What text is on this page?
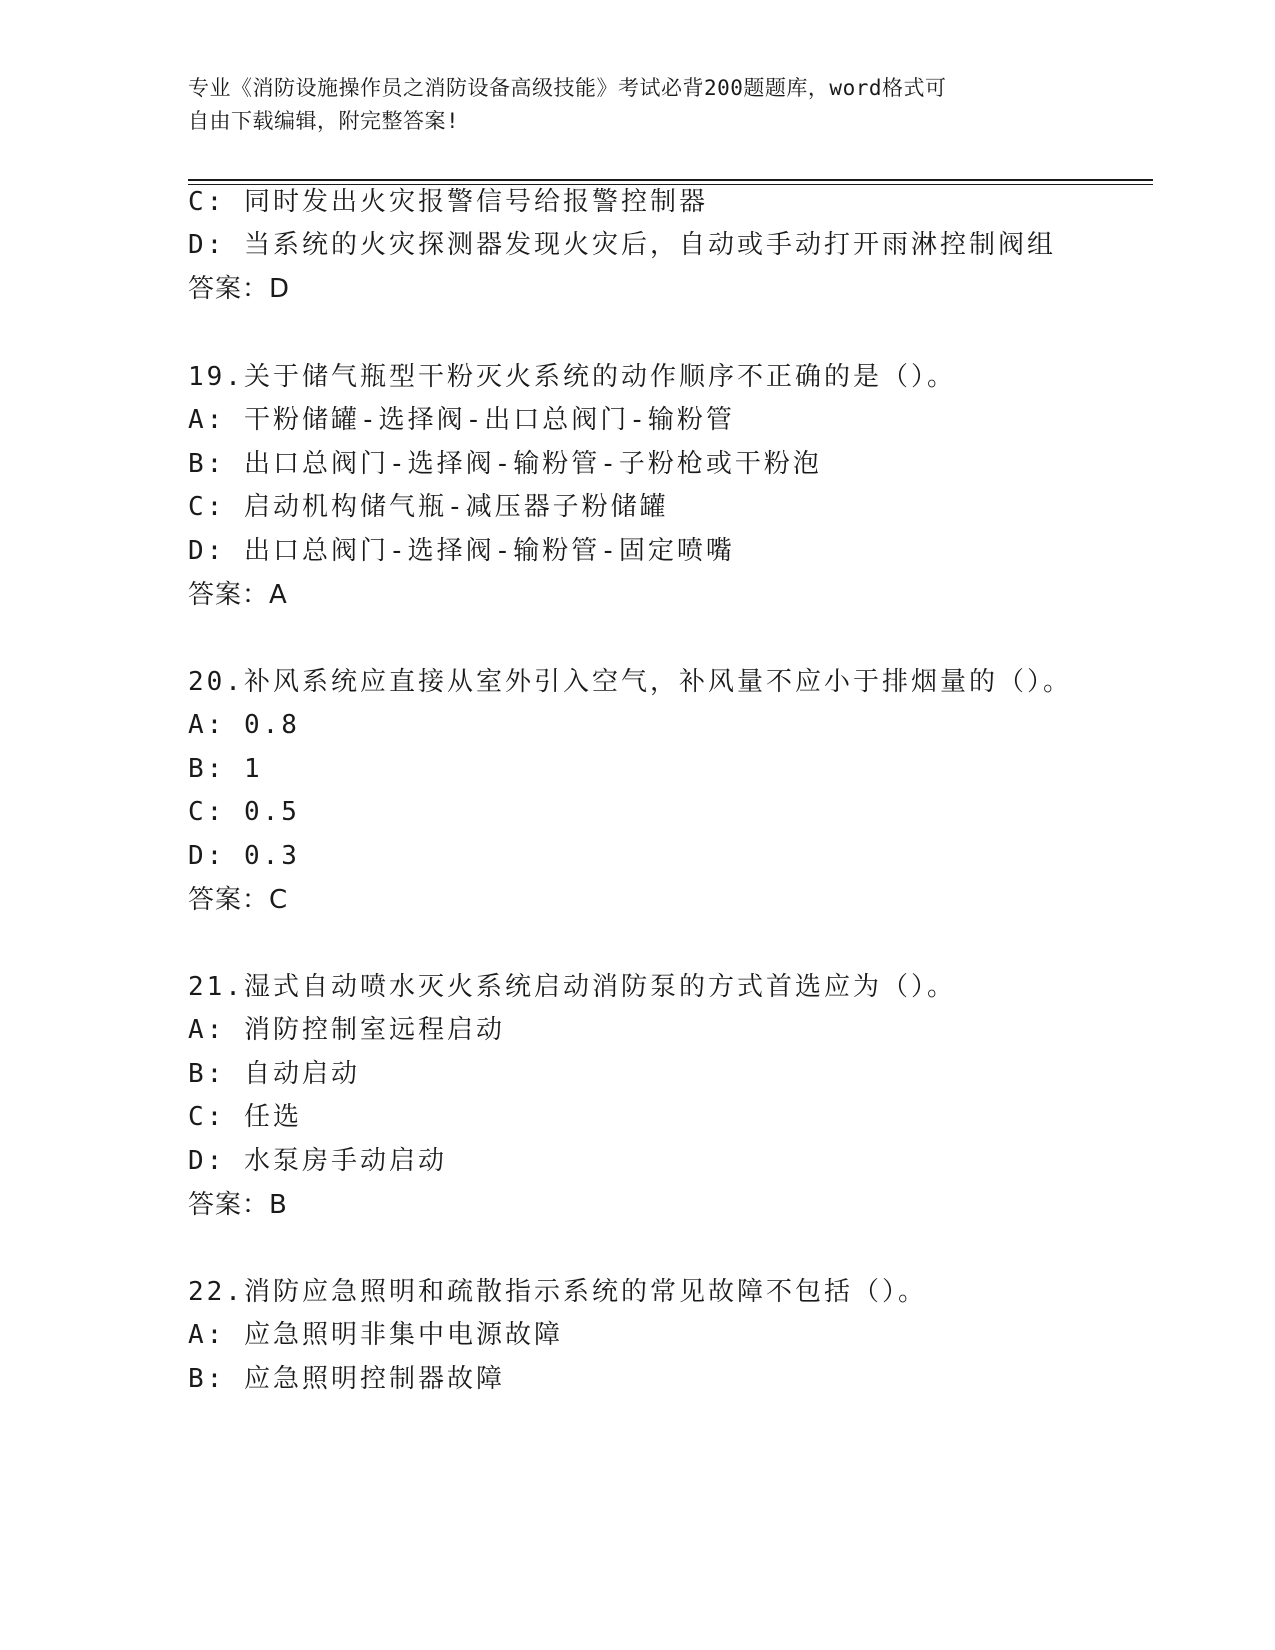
专业《消防设施操作员之消防设备高级技能》考试必背200题题库，word格式可
自由下载编辑，附完整答案!
C: 同时发出火灾报警信号给报警控制器
D: 当系统的火灾探测器发现火灾后，自动或手动打开雨淋控制阀组
答案：D
19.关于储气瓶型干粉灭火系统的动作顺序不正确的是（）。
A: 干粉储罐-选择阀-出口总阀门-输粉管
B: 出口总阀门-选择阀-输粉管-子粉枪或干粉泡
C: 启动机构储气瓶-减压器子粉储罐
D: 出口总阀门-选择阀-输粉管-固定喷嘴
答案：A
20.补风系统应直接从室外引入空气，补风量不应小于排烟量的（）。
A: 0.8
B: 1
C: 0.5
D: 0.3
答案：C
21.湿式自动喷水灭火系统启动消防泵的方式首选应为（）。
A: 消防控制室远程启动
B: 自动启动
C: 任选
D: 水泵房手动启动
答案：B
22.消防应急照明和疏散指示系统的常见故障不包括（）。
A: 应急照明非集中电源故障
B: 应急照明控制器故障
